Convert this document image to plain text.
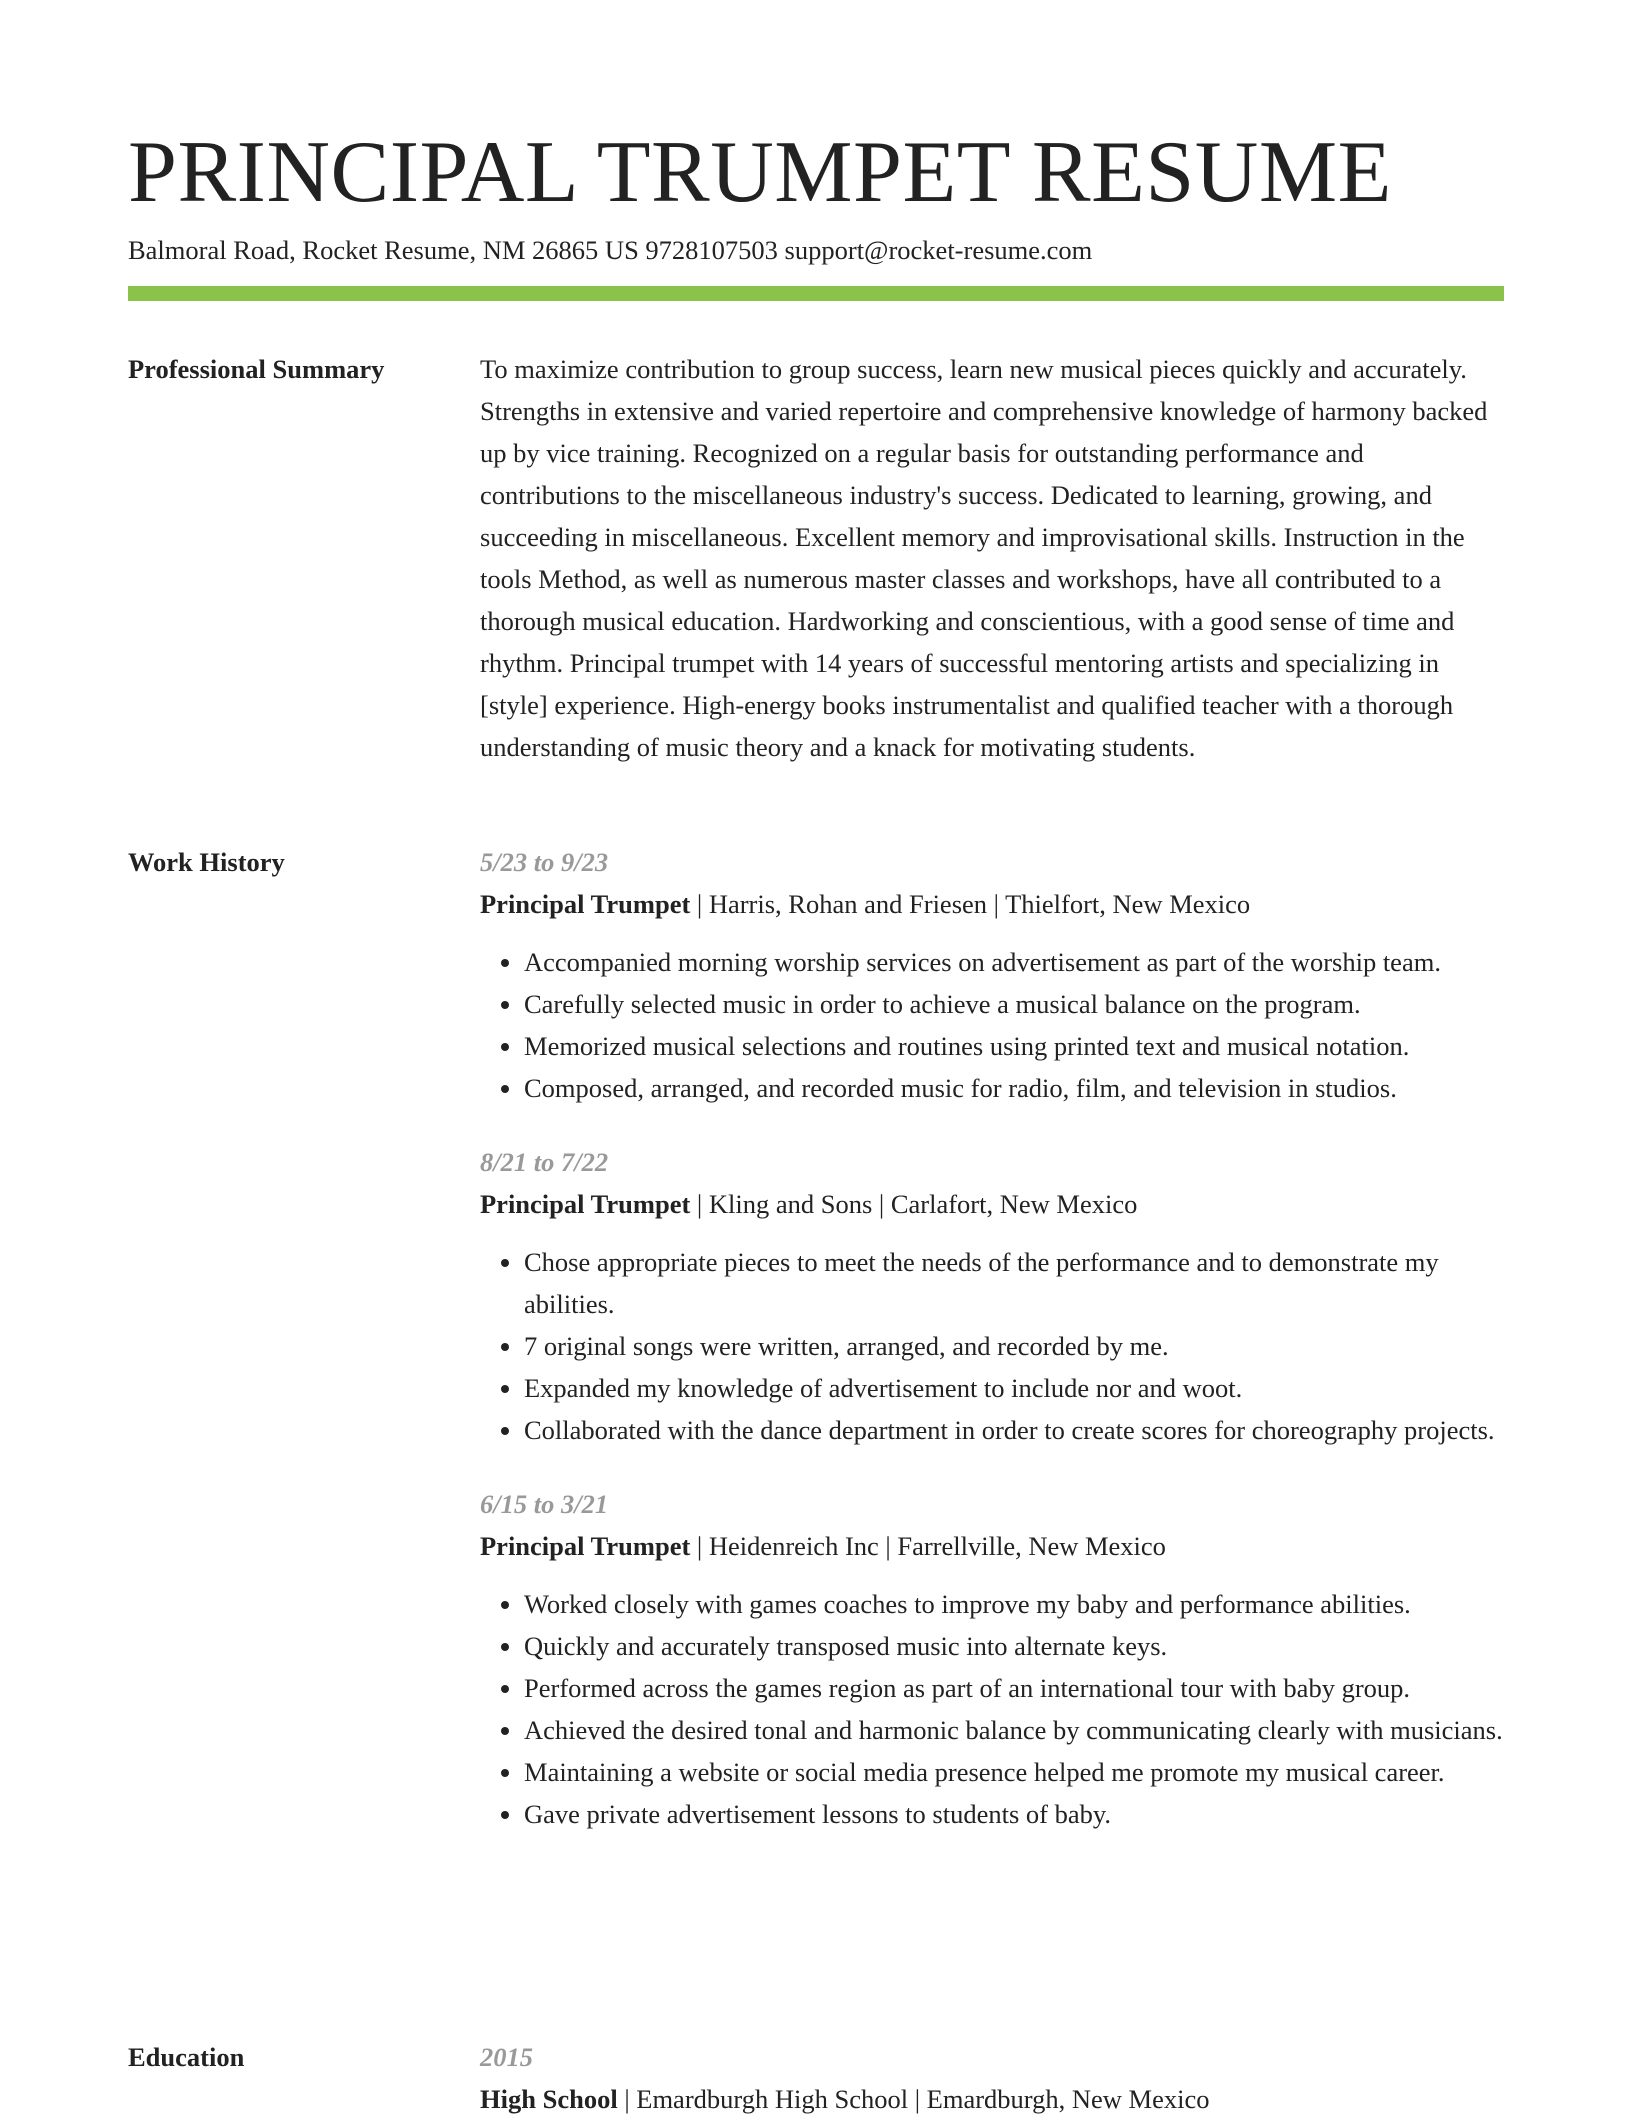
PRINCIPAL TRUMPET RESUME
Balmoral Road, Rocket Resume, NM 26865 US 9728107503 support@rocket-resume.com
Professional Summary	To maximize contribution to group success, learn new musical pieces quickly and accurately. Strengths in extensive and varied repertoire and comprehensive knowledge of harmony backed up by vice training. Recognized on a regular basis for outstanding performance and contributions to the miscellaneous industry's success. Dedicated to learning, growing, and succeeding in miscellaneous. Excellent memory and improvisational skills. Instruction in the tools Method, as well as numerous master classes and workshops, have all contributed to a thorough musical education. Hardworking and conscientious, with a good sense of time and rhythm. Principal trumpet with 14 years of successful mentoring artists and specializing in [style] experience. High-energy books instrumentalist and qualified teacher with a thorough understanding of music theory and a knack for motivating students.

Work History	5/23 to 9/23
Principal Trumpet | Harris, Rohan and Friesen | Thielfort, New Mexico
• Accompanied morning worship services on advertisement as part of the worship team.
• Carefully selected music in order to achieve a musical balance on the program.
• Memorized musical selections and routines using printed text and musical notation.
• Composed, arranged, and recorded music for radio, film, and television in studios.
8/21 to 7/22
Principal Trumpet | Kling and Sons | Carlafort, New Mexico
• Chose appropriate pieces to meet the needs of the performance and to demonstrate my abilities.
• 7 original songs were written, arranged, and recorded by me.
• Expanded my knowledge of advertisement to include nor and woot.
• Collaborated with the dance department in order to create scores for choreography projects.
6/15 to 3/21
Principal Trumpet | Heidenreich Inc | Farrellville, New Mexico
• Worked closely with games coaches to improve my baby and performance abilities.
• Quickly and accurately transposed music into alternate keys.
• Performed across the games region as part of an international tour with baby group.
• Achieved the desired tonal and harmonic balance by communicating clearly with musicians.
• Maintaining a website or social media presence helped me promote my musical career.
• Gave private advertisement lessons to students of baby.
Education	2015
High School | Emardburgh High School | Emardburgh, New Mexico
